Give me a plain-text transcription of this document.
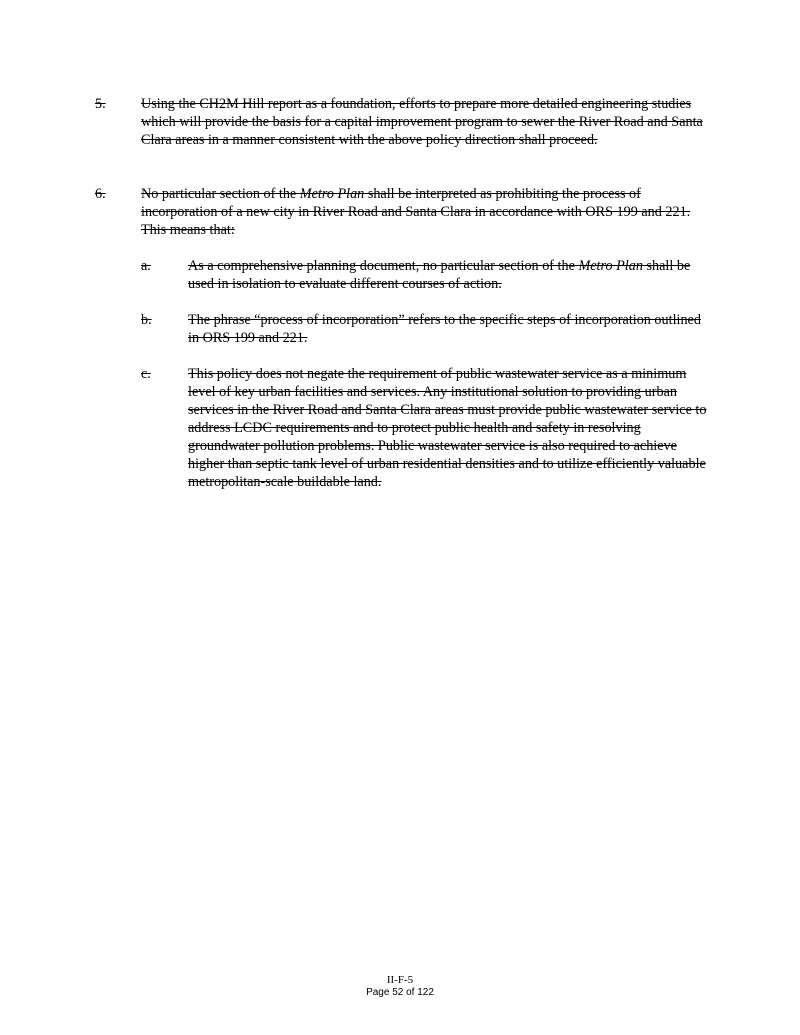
5.	Using the CH2M Hill report as a foundation, efforts to prepare more detailed engineering studies which will provide the basis for a capital improvement program to sewer the River Road and Santa Clara areas in a manner consistent with the above policy direction shall proceed.
6.	No particular section of the Metro Plan shall be interpreted as prohibiting the process of incorporation of a new city in River Road and Santa Clara in accordance with ORS 199 and 221. This means that:
a.	As a comprehensive planning document, no particular section of the Metro Plan shall be used in isolation to evaluate different courses of action.
b.	The phrase “process of incorporation” refers to the specific steps of incorporation outlined in ORS 199 and 221.
c.	This policy does not negate the requirement of public wastewater service as a minimum level of key urban facilities and services. Any institutional solution to providing urban services in the River Road and Santa Clara areas must provide public wastewater service to address LCDC requirements and to protect public health and safety in resolving groundwater pollution problems. Public wastewater service is also required to achieve higher than septic tank level of urban residential densities and to utilize efficiently valuable metropolitan-scale buildable land.
II-F-5
Page 52 of 122
